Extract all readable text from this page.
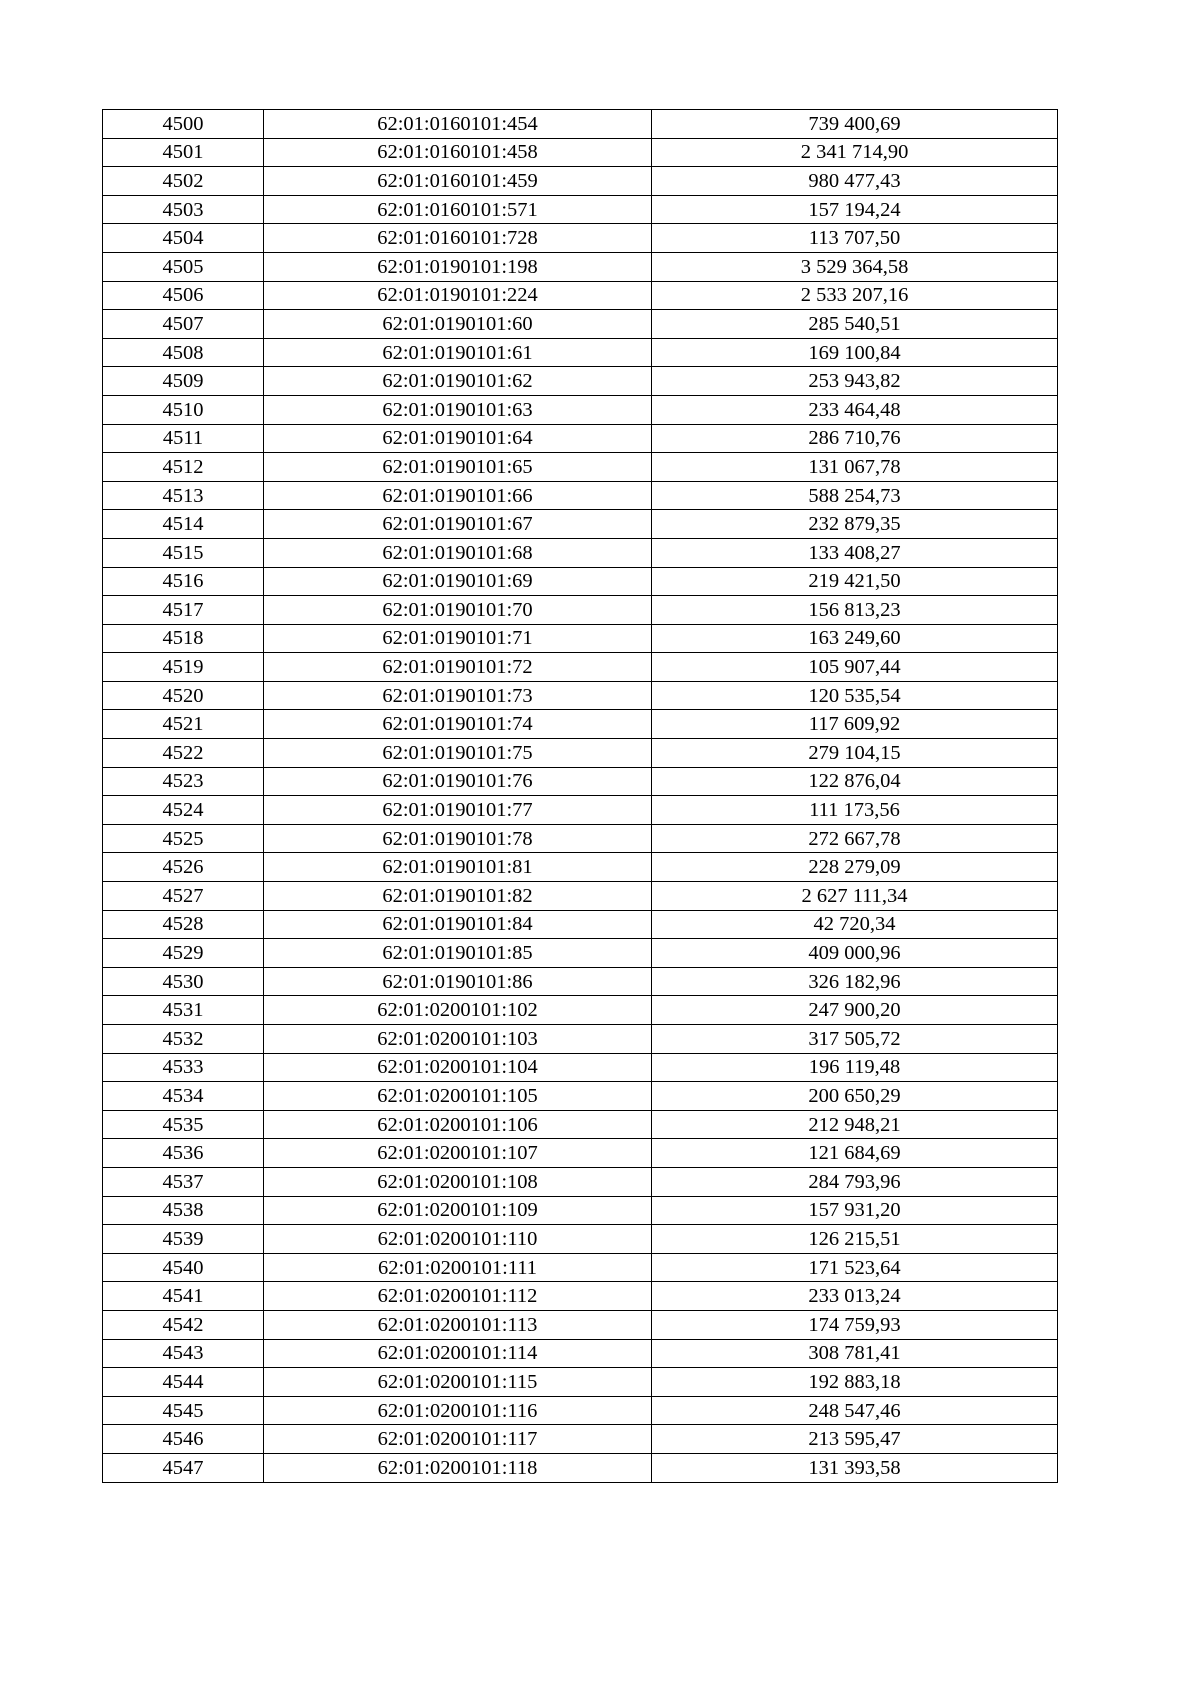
4500	62:01:0160101:454	739 400,69
4501	62:01:0160101:458	2 341 714,90
4502	62:01:0160101:459	980 477,43
4503	62:01:0160101:571	157 194,24
4504	62:01:0160101:728	113 707,50
4505	62:01:0190101:198	3 529 364,58
4506	62:01:0190101:224	2 533 207,16
4507	62:01:0190101:60	285 540,51
4508	62:01:0190101:61	169 100,84
4509	62:01:0190101:62	253 943,82
4510	62:01:0190101:63	233 464,48
4511	62:01:0190101:64	286 710,76
4512	62:01:0190101:65	131 067,78
4513	62:01:0190101:66	588 254,73
4514	62:01:0190101:67	232 879,35
4515	62:01:0190101:68	133 408,27
4516	62:01:0190101:69	219 421,50
4517	62:01:0190101:70	156 813,23
4518	62:01:0190101:71	163 249,60
4519	62:01:0190101:72	105 907,44
4520	62:01:0190101:73	120 535,54
4521	62:01:0190101:74	117 609,92
4522	62:01:0190101:75	279 104,15
4523	62:01:0190101:76	122 876,04
4524	62:01:0190101:77	111 173,56
4525	62:01:0190101:78	272 667,78
4526	62:01:0190101:81	228 279,09
4527	62:01:0190101:82	2 627 111,34
4528	62:01:0190101:84	42 720,34
4529	62:01:0190101:85	409 000,96
4530	62:01:0190101:86	326 182,96
4531	62:01:0200101:102	247 900,20
4532	62:01:0200101:103	317 505,72
4533	62:01:0200101:104	196 119,48
4534	62:01:0200101:105	200 650,29
4535	62:01:0200101:106	212 948,21
4536	62:01:0200101:107	121 684,69
4537	62:01:0200101:108	284 793,96
4538	62:01:0200101:109	157 931,20
4539	62:01:0200101:110	126 215,51
4540	62:01:0200101:111	171 523,64
4541	62:01:0200101:112	233 013,24
4542	62:01:0200101:113	174 759,93
4543	62:01:0200101:114	308 781,41
4544	62:01:0200101:115	192 883,18
4545	62:01:0200101:116	248 547,46
4546	62:01:0200101:117	213 595,47
4547	62:01:0200101:118	131 393,58
